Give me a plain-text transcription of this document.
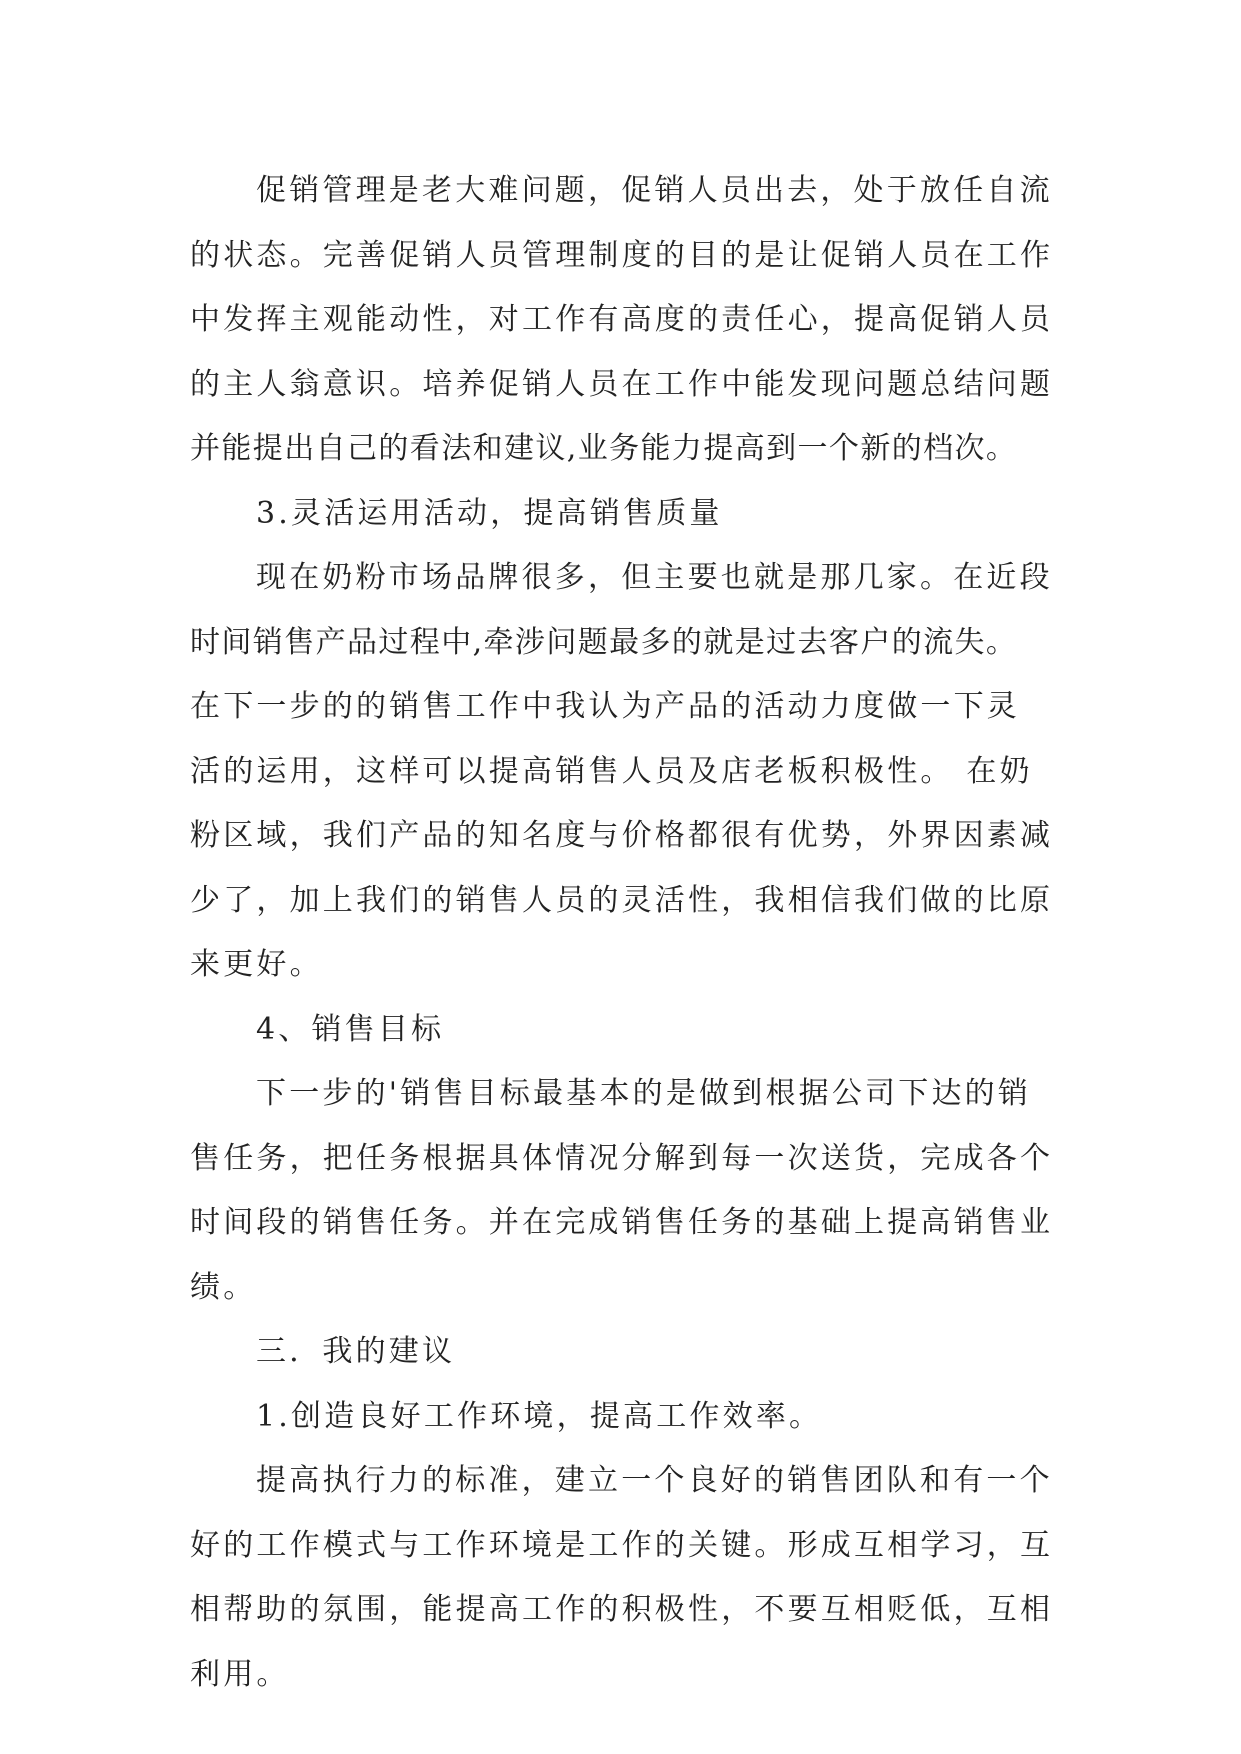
促销管理是老大难问题，促销人员出去，处于放任自流
的状态。完善促销人员管理制度的目的是让促销人员在工作
中发挥主观能动性，对工作有高度的责任心，提高促销人员
的主人翁意识。培养促销人员在工作中能发现问题总结问题
并能提出自己的看法和建议,业务能力提高到一个新的档次。
3.灵活运用活动，提高销售质量
现在奶粉市场品牌很多，但主要也就是那几家。在近段
时间销售产品过程中,牵涉问题最多的就是过去客户的流失。
在下一步的的销售工作中我认为产品的活动力度做一下灵
活的运用，这样可以提高销售人员及店老板积极性。 在奶
粉区域，我们产品的知名度与价格都很有优势，外界因素减
少了，加上我们的销售人员的灵活性，我相信我们做的比原
来更好。
4、销售目标
下一步的'销售目标最基本的是做到根据公司下达的销
售任务，把任务根据具体情况分解到每一次送货，完成各个
时间段的销售任务。并在完成销售任务的基础上提高销售业
绩。
三．我的建议
1.创造良好工作环境，提高工作效率。
提高执行力的标准，建立一个良好的销售团队和有一个
好的工作模式与工作环境是工作的关键。形成互相学习，互
相帮助的氛围，能提高工作的积极性，不要互相贬低，互相
利用。
